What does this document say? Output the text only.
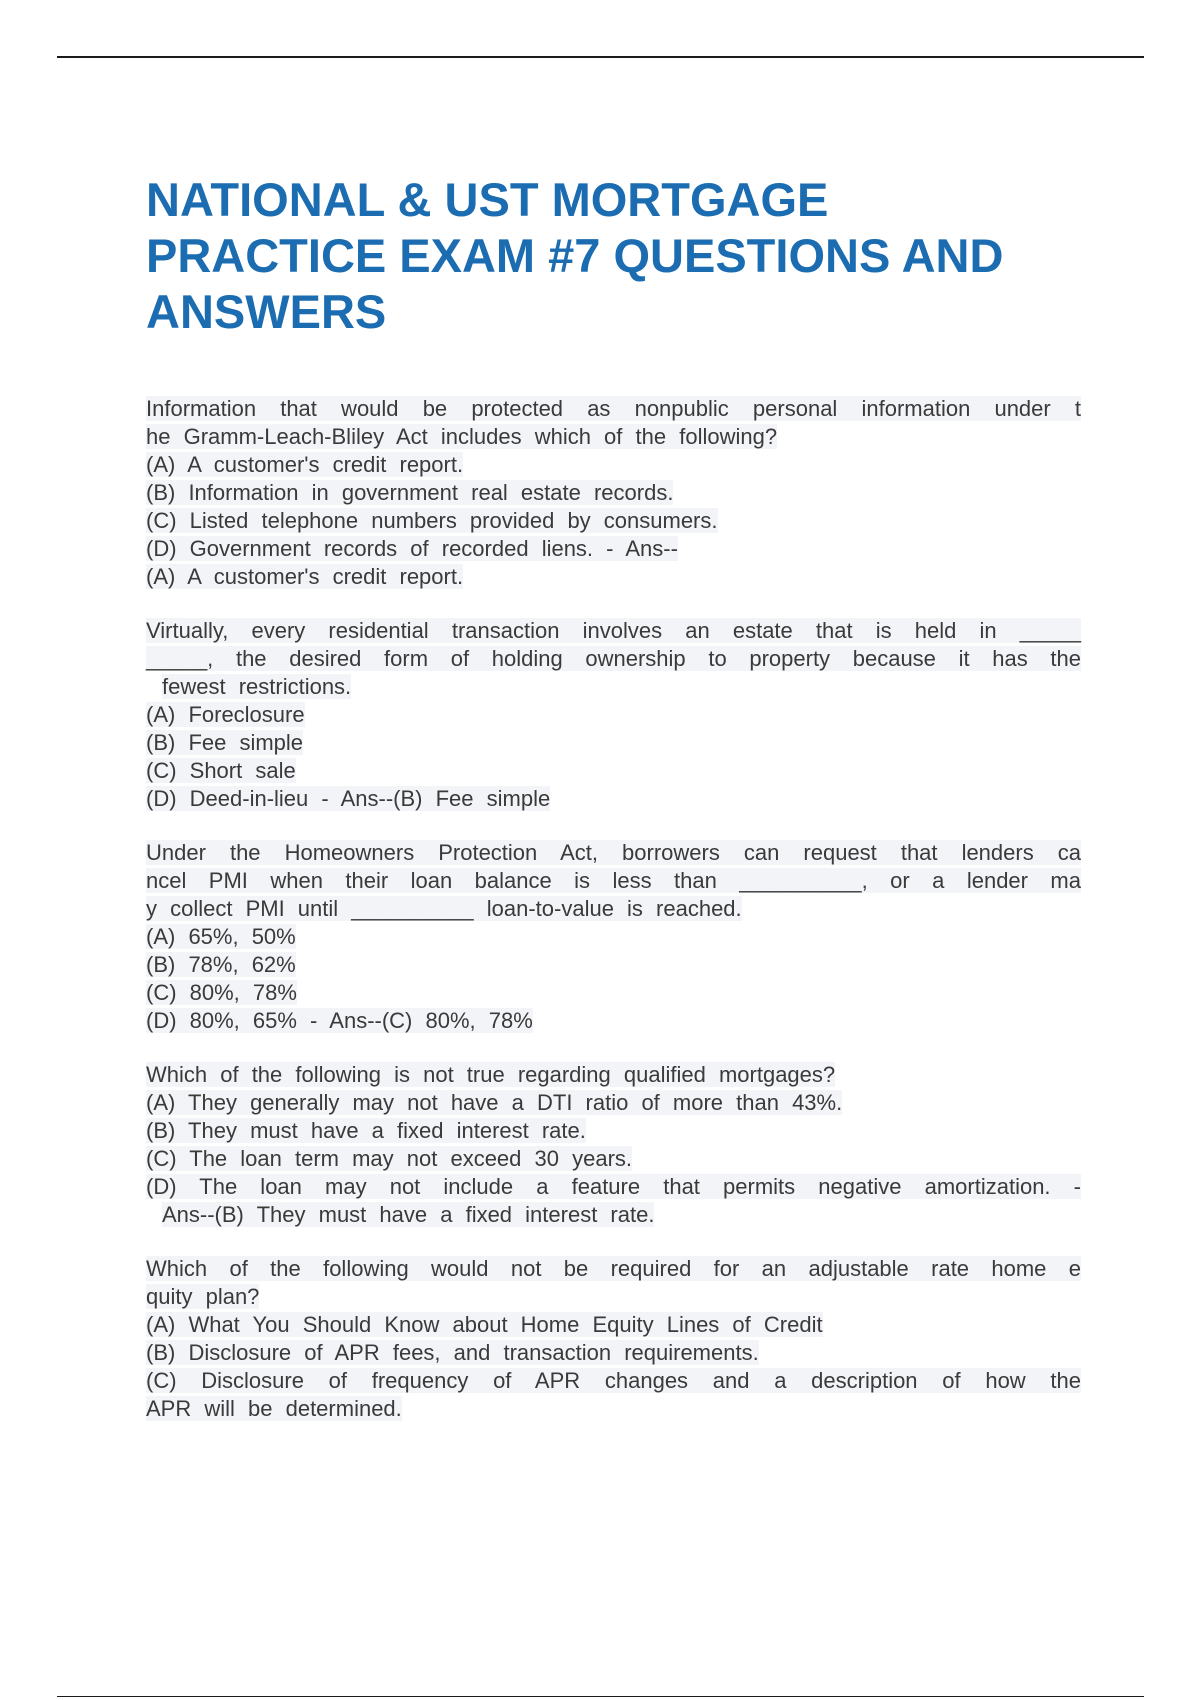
NATIONAL & UST MORTGAGE
PRACTICE EXAM #7 QUESTIONS AND
ANSWERS
Information that would be protected as nonpublic personal information under t
he Gramm-Leach-Bliley Act includes which of the following?
(A) A customer's credit report.
(B) Information in government real estate records.
(C) Listed telephone numbers provided by consumers.
(D) Government records of recorded liens. - Ans--
(A) A customer's credit report.
Virtually, every residential transaction involves an estate that is held in _____
_____, the desired form of holding ownership to property because it has the
fewest restrictions.
(A) Foreclosure
(B) Fee simple
(C) Short sale
(D) Deed-in-lieu - Ans--(B) Fee simple
Under the Homeowners Protection Act, borrowers can request that lenders ca
ncel PMI when their loan balance is less than __________, or a lender ma
y collect PMI until __________ loan-to-value is reached.
(A) 65%, 50%
(B) 78%, 62%
(C) 80%, 78%
(D) 80%, 65% - Ans--(C) 80%, 78%
Which of the following is not true regarding qualified mortgages?
(A) They generally may not have a DTI ratio of more than 43%.
(B) They must have a fixed interest rate.
(C) The loan term may not exceed 30 years.
(D) The loan may not include a feature that permits negative amortization. -
Ans--(B) They must have a fixed interest rate.
Which of the following would not be required for an adjustable rate home e
quity plan?
(A) What You Should Know about Home Equity Lines of Credit
(B) Disclosure of APR fees, and transaction requirements.
(C) Disclosure of frequency of APR changes and a description of how the
APR will be determined.
